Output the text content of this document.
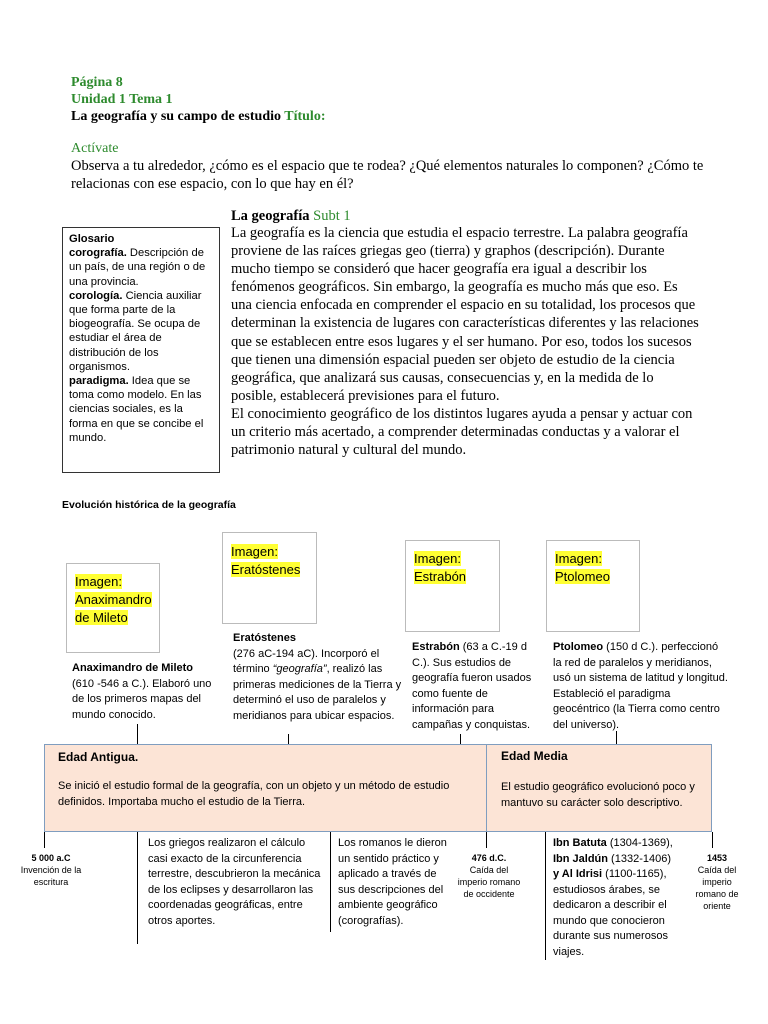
Página 8
Unidad 1 Tema 1
La geografía y su campo de estudio Título:
Actívate
Observa a tu alrededor, ¿cómo es el espacio que te rodea? ¿Qué elementos naturales lo componen? ¿Cómo te relacionas con ese espacio, con lo que hay en él?

Glosario

corografía. Descripción de un país, de una región o de una provincia.

corología. Ciencia auxiliar que forma parte de la biogeografía. Se ocupa de estudiar el área de distribución de los organismos.

paradigma. Idea que se toma como modelo. En las ciencias sociales, es la forma en que se concibe el mundo.

La geografía Subt 1
La geografía es la ciencia que estudia el espacio terrestre. La palabra geografía proviene de las raíces griegas geo (tierra) y graphos (descripción). Durante mucho tiempo se consideró que hacer geografía era igual a describir los fenómenos geográficos. Sin embargo, la geografía es mucho más que eso. Es una ciencia enfocada en comprender el espacio en su totalidad, los procesos que determinan la existencia de lugares con características diferentes y las relaciones que se establecen entre esos lugares y el ser humano. Por eso, todos los sucesos que tienen una dimensión espacial pueden ser objeto de estudio de la ciencia geográfica, que analizará sus causas, consecuencias y, en la medida de lo posible, establecerá previsiones para el futuro.
El conocimiento geográfico de los distintos lugares ayuda a pensar y actuar con un criterio más acertado, a comprender determinadas conductas y a valorar el patrimonio natural y cultural del mundo.
Evolución histórica de la geografía
Imagen: Anaximandro de Mileto
Imagen: Eratóstenes
Imagen: Estrabón
Imagen: Ptolomeo
Anaximandro de Mileto
(610 -546 a C.). Elaboró uno de los primeros mapas del mundo conocido.
Eratóstenes
(276 aC-194 aC). Incorporó el término “geografía”, realizó las primeras mediciones de la Tierra y determinó el uso de paralelos y meridianos para ubicar espacios.
Estrabón (63 a C.-19 d C.). Sus estudios de geografía fueron usados como fuente de información para campañas y conquistas.
Ptolomeo (150 d C.). perfeccionó la red de paralelos y meridianos, usó un sistema de latitud y longitud. Estableció el paradigma geocéntrico (la Tierra como centro del universo).
Edad Antigua.
Se inició el estudio formal de la geografía, con un objeto y un método de estudio definidos. Importaba mucho el estudio de la Tierra.
Edad Media
El estudio geográfico evolucionó poco y mantuvo su carácter solo descriptivo.
5 000 a.C
Invención de la escritura
476 d.C.
Caída del imperio romano de occidente
1453
Caída del imperio romano de oriente
Los griegos realizaron el cálculo casi exacto de la circunferencia terrestre, descubrieron la mecánica de los eclipses y desarrollaron las coordenadas geográficas, entre otros aportes.
Los romanos le dieron un sentido práctico y aplicado a través de sus descripciones del ambiente geográfico (corografías).
Ibn Batuta (1304-1369),
Ibn Jaldún (1332-1406)
y Al Idrisi (1100-1165), estudiosos árabes, se dedicaron a describir el mundo que conocieron durante sus numerosos viajes.
